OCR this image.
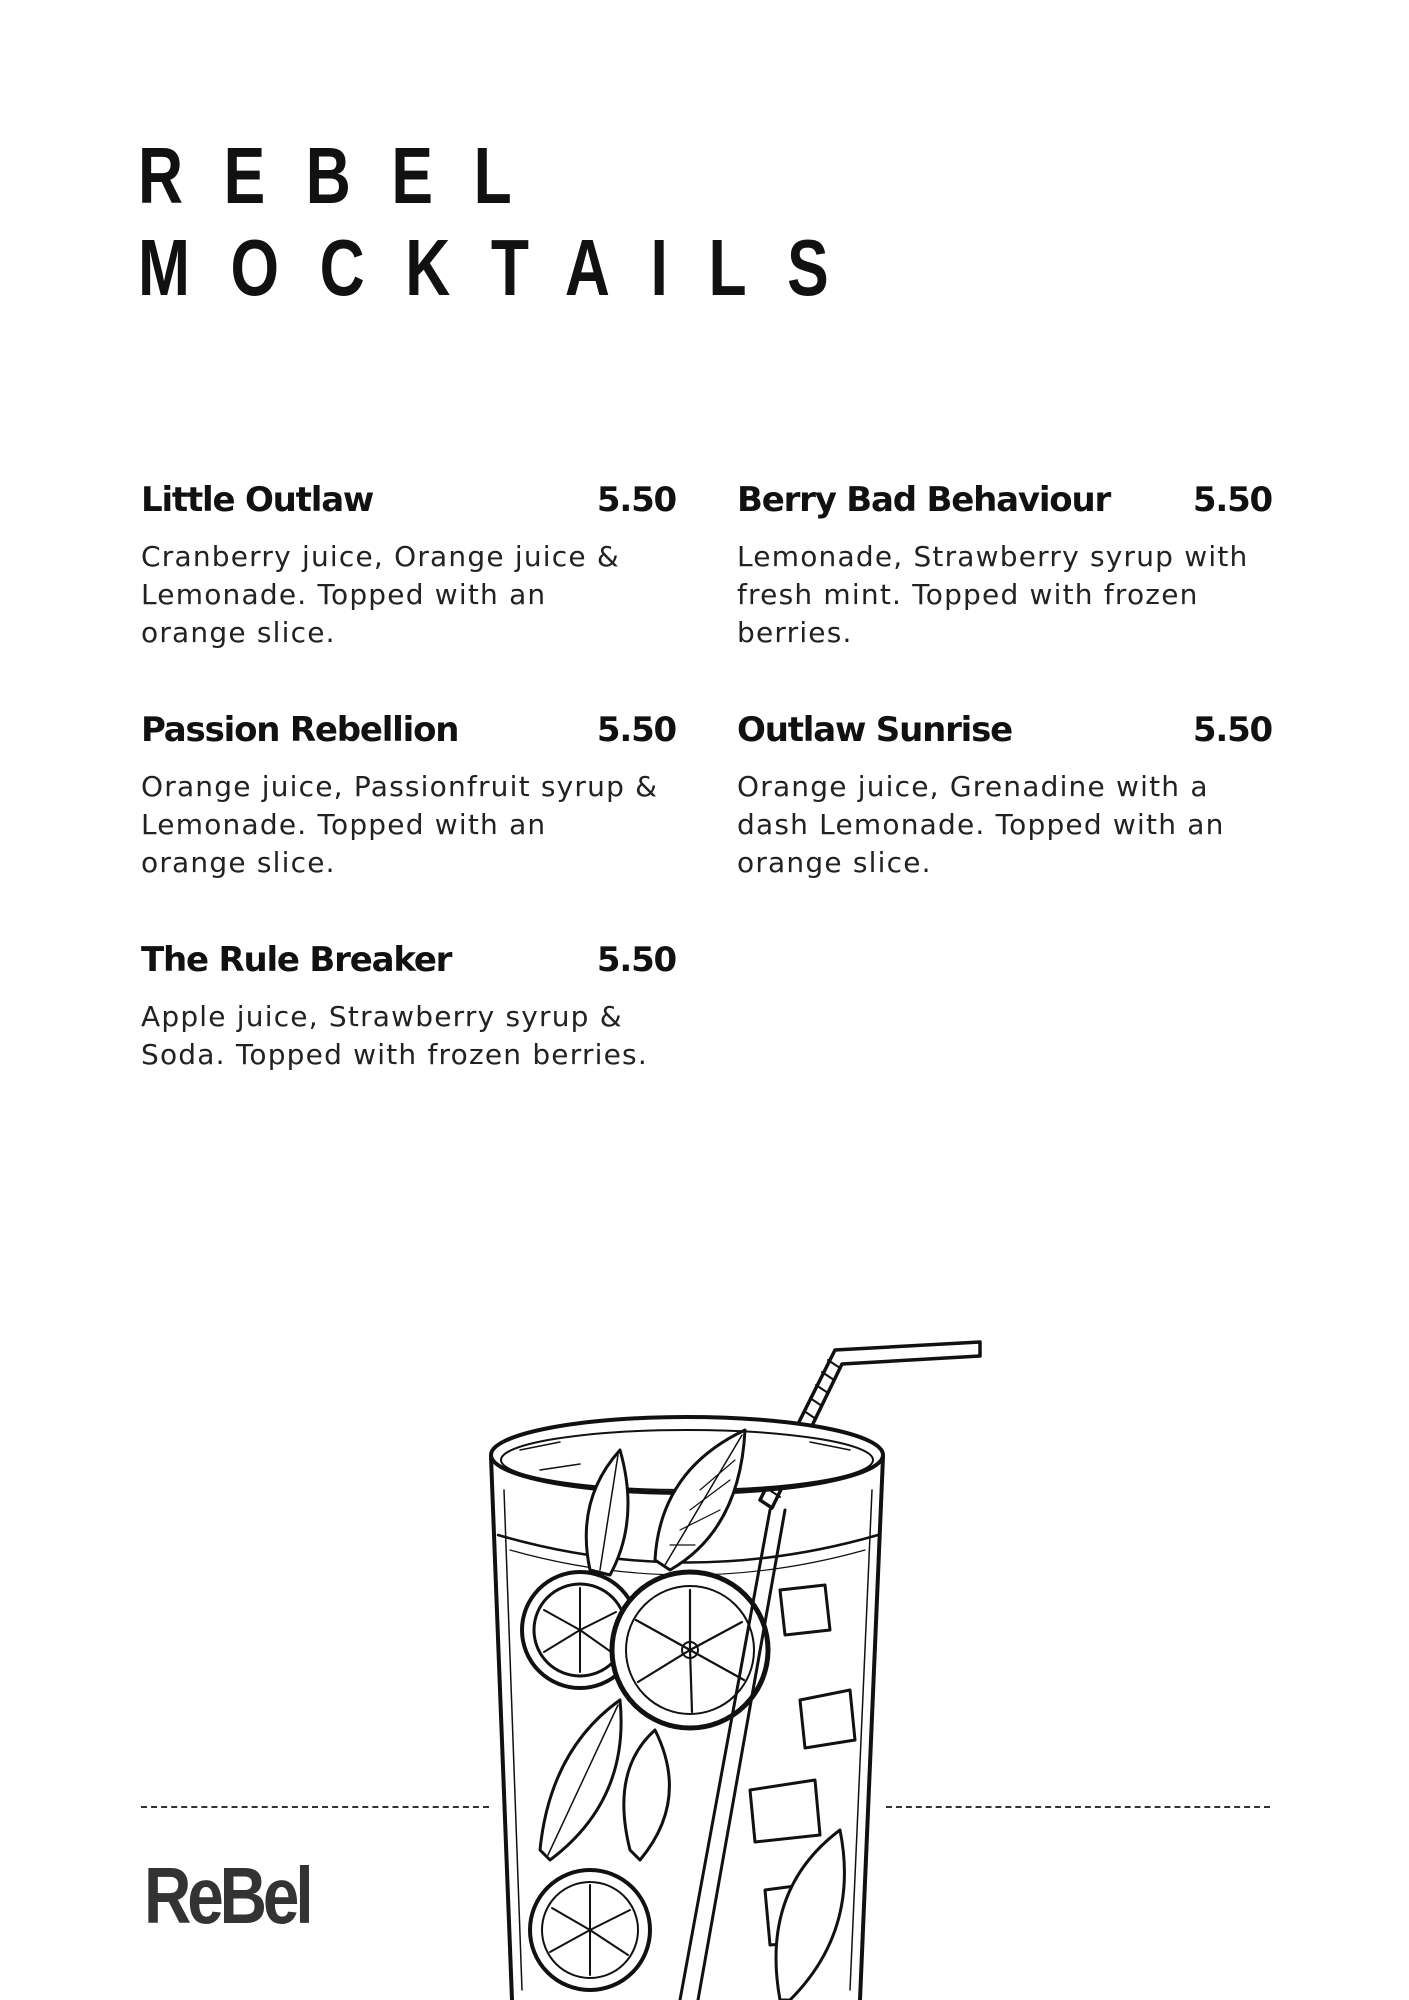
REBEL
MOCKTAILS
Little Outlaw	5.50
Cranberry juice, Orange juice &
Lemonade. Topped with an
orange slice.
Berry Bad Behaviour 5.50
Lemonade, Strawberry syrup with
fresh mint. Topped with frozen
berries.
Passion Rebellion	5.50
Orange juice, Passionfruit syrup &
Lemonade. Topped with an
orange slice.
Outlaw Sunrise	5.50
Orange juice, Grenadine with a
dash Lemonade. Topped with an
orange slice.
The Rule Breaker	5.50
Apple juice, Strawberry syrup &
Soda. Topped with frozen berries.
ReBel
